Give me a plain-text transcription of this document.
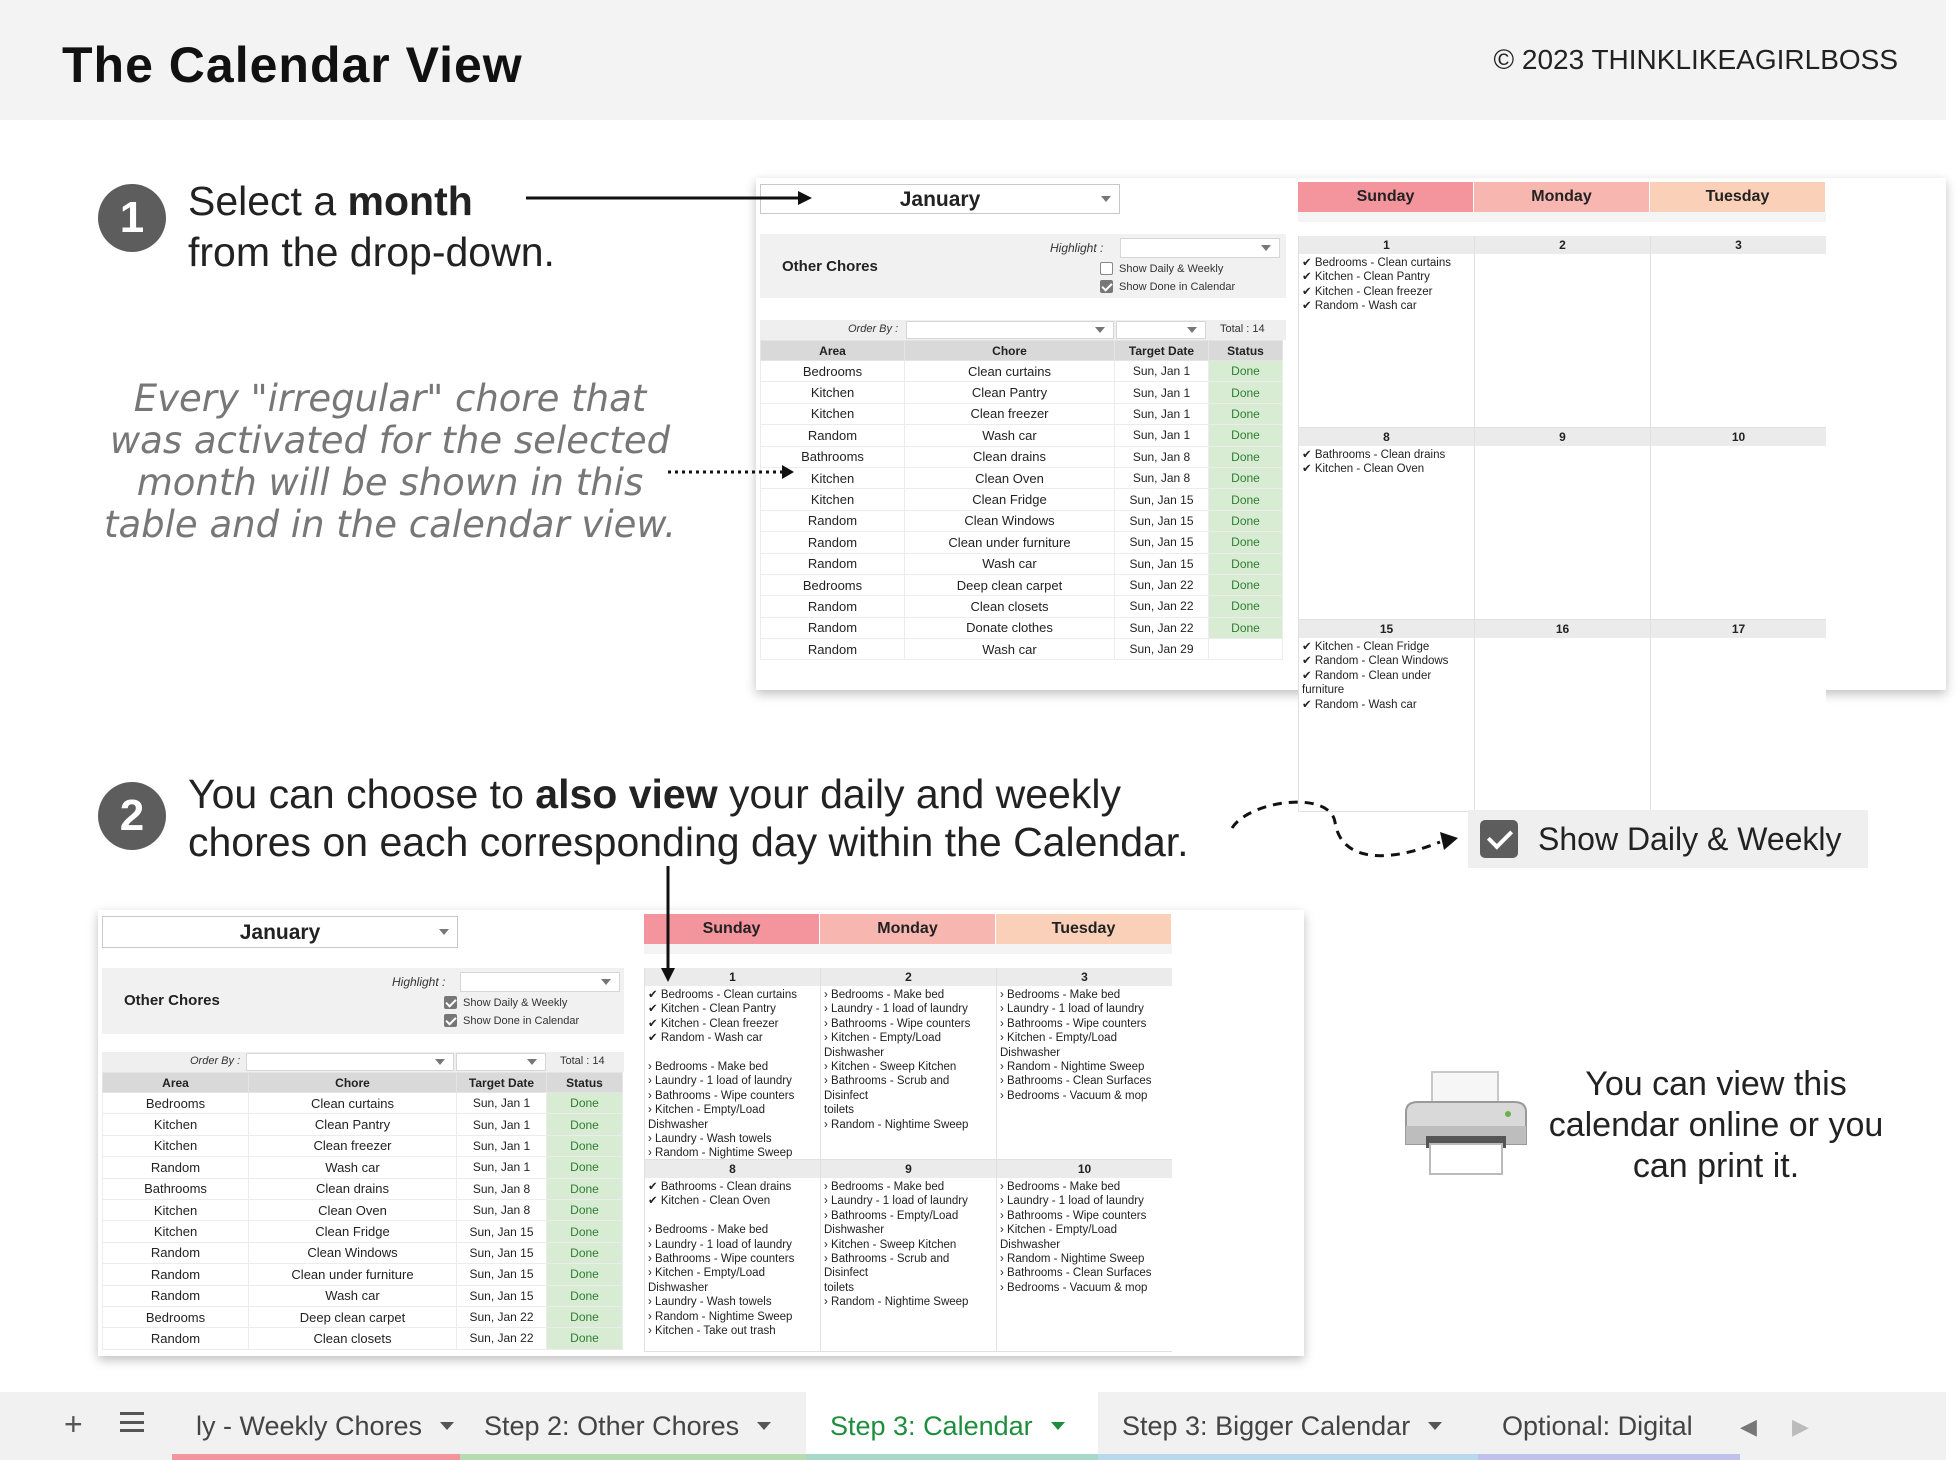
The Calendar View	© 2023 THINKLIKEAGIRLBOSS
1	Select a month
from the drop-down.
Every "irregular" chore that was activated for the selected month will be shown in this table and in the calendar view.
January
Other Chores
Highlight :
Show Daily & Weekly
Show Done in Calendar
Order By :	Total : 14
Area	Chore	Target Date	Status
Bedrooms	Clean curtains	Sun, Jan 1	Done
Kitchen	Clean Pantry	Sun, Jan 1	Done
Kitchen	Clean freezer	Sun, Jan 1	Done
Random	Wash car	Sun, Jan 1	Done
Bathrooms	Clean drains	Sun, Jan 8	Done
Kitchen	Clean Oven	Sun, Jan 8	Done
Kitchen	Clean Fridge	Sun, Jan 15	Done
Random	Clean Windows	Sun, Jan 15	Done
Random	Clean under furniture	Sun, Jan 15	Done
Random	Wash car	Sun, Jan 15	Done
Bedrooms	Deep clean carpet	Sun, Jan 22	Done
Random	Clean closets	Sun, Jan 22	Done
Random	Donate clothes	Sun, Jan 22	Done
Random	Wash car	Sun, Jan 29	
Sunday	Monday	Tuesday
1
✔ Bedrooms - Clean curtains
✔ Kitchen - Clean Pantry
✔ Kitchen - Clean freezer
✔ Random - Wash car
2	3
8
✔ Bathrooms - Clean drains
✔ Kitchen - Clean Oven
9	10
15
✔ Kitchen - Clean Fridge
✔ Random - Clean Windows
✔ Random - Clean under furniture
✔ Random - Wash car
16	17
2	You can choose to also view your daily and weekly
chores on each corresponding day within the Calendar.	Show Daily & Weekly
January
Other Chores
Highlight :
Show Daily & Weekly
Show Done in Calendar
Order By :	Total : 14
Area	Chore	Target Date	Status
Bedrooms	Clean curtains	Sun, Jan 1	Done
Kitchen	Clean Pantry	Sun, Jan 1	Done
Kitchen	Clean freezer	Sun, Jan 1	Done
Random	Wash car	Sun, Jan 1	Done
Bathrooms	Clean drains	Sun, Jan 8	Done
Kitchen	Clean Oven	Sun, Jan 8	Done
Kitchen	Clean Fridge	Sun, Jan 15	Done
Random	Clean Windows	Sun, Jan 15	Done
Random	Clean under furniture	Sun, Jan 15	Done
Random	Wash car	Sun, Jan 15	Done
Bedrooms	Deep clean carpet	Sun, Jan 22	Done
Random	Clean closets	Sun, Jan 22	Done
Sunday	Monday	Tuesday
1
✔ Bedrooms - Clean curtains
✔ Kitchen - Clean Pantry
✔ Kitchen - Clean freezer
✔ Random - Wash car

› Bedrooms - Make bed
› Laundry - 1 load of laundry
› Bathrooms - Wipe counters
› Kitchen - Empty/Load
Dishwasher
› Laundry - Wash towels
› Random - Nightime Sweep
2
› Bedrooms - Make bed
› Laundry - 1 load of laundry
› Bathrooms - Wipe counters
› Kitchen - Empty/Load
Dishwasher
› Kitchen - Sweep Kitchen
› Bathrooms - Scrub and Disinfect
toilets
› Random - Nightime Sweep
3
› Bedrooms - Make bed
› Laundry - 1 load of laundry
› Bathrooms - Wipe counters
› Kitchen - Empty/Load
Dishwasher
› Random - Nightime Sweep
› Bathrooms - Clean Surfaces
› Bedrooms - Vacuum & mop
8
✔ Bathrooms - Clean drains
✔ Kitchen - Clean Oven

› Bedrooms - Make bed
› Laundry - 1 load of laundry
› Bathrooms - Wipe counters
› Kitchen - Empty/Load
Dishwasher
› Laundry - Wash towels
› Random - Nightime Sweep
› Kitchen - Take out trash
9
› Bedrooms - Make bed
› Laundry - 1 load of laundry
› Bathrooms - Empty/Load
Dishwasher
› Kitchen - Sweep Kitchen
› Bathrooms - Scrub and Disinfect
toilets
› Random - Nightime Sweep
10
› Bedrooms - Make bed
› Laundry - 1 load of laundry
› Bathrooms - Wipe counters
› Kitchen - Empty/Load
Dishwasher
› Random - Nightime Sweep
› Bathrooms - Clean Surfaces
› Bedrooms - Vacuum & mop
You can view this calendar online or you can print it.
+	ly - Weekly Chores Step 2: Other Chores	Step 3: Calendar	Step 3: Bigger Calendar	Optional: Digital ◀ ▶
